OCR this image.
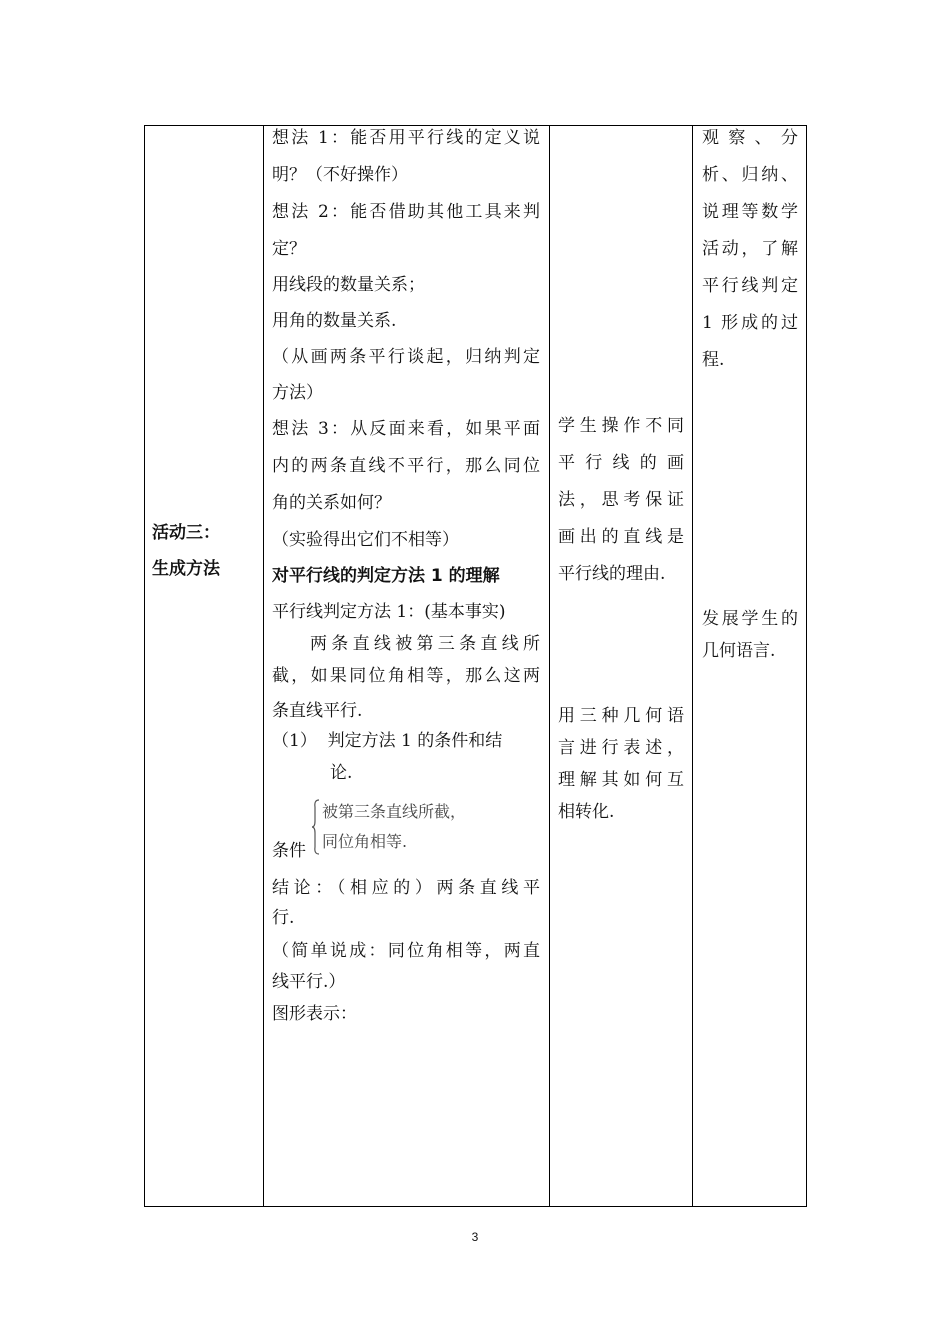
活动三：
生成方法
想法 1：能否用平行线的定义说
明？（不好操作）
想法 2：能否借助其他工具来判
定？
用线段的数量关系；
用角的数量关系.
（从画两条平行谈起，归纳判定
方法）
想法 3：从反面来看，如果平面
内的两条直线不平行，那么同位
角的关系如何？
（实验得出它们不相等）
对平行线的判定方法 1 的理解
平行线判定方法 1：(基本事实)
两条直线被第三条直线所
截，如果同位角相等，那么这两
条直线平行.
（1）  判定方法 1 的条件和结
论.
被第三条直线所截，
同位角相等.
条件
结论：（相应的）两条直线平
行.
（简单说成：同位角相等，两直
线平行.）
图形表示：
学生操作不同
平 行 线 的 画
法，思考保证
画出的直线是
平行线的理由.
用三种几何语
言进行表述，
理解其如何互
相转化.
观 察 、 分
析、归纳、
说理等数学
活动，了解
平行线判定
1 形成的过
程.
发展学生的
几何语言.
3
